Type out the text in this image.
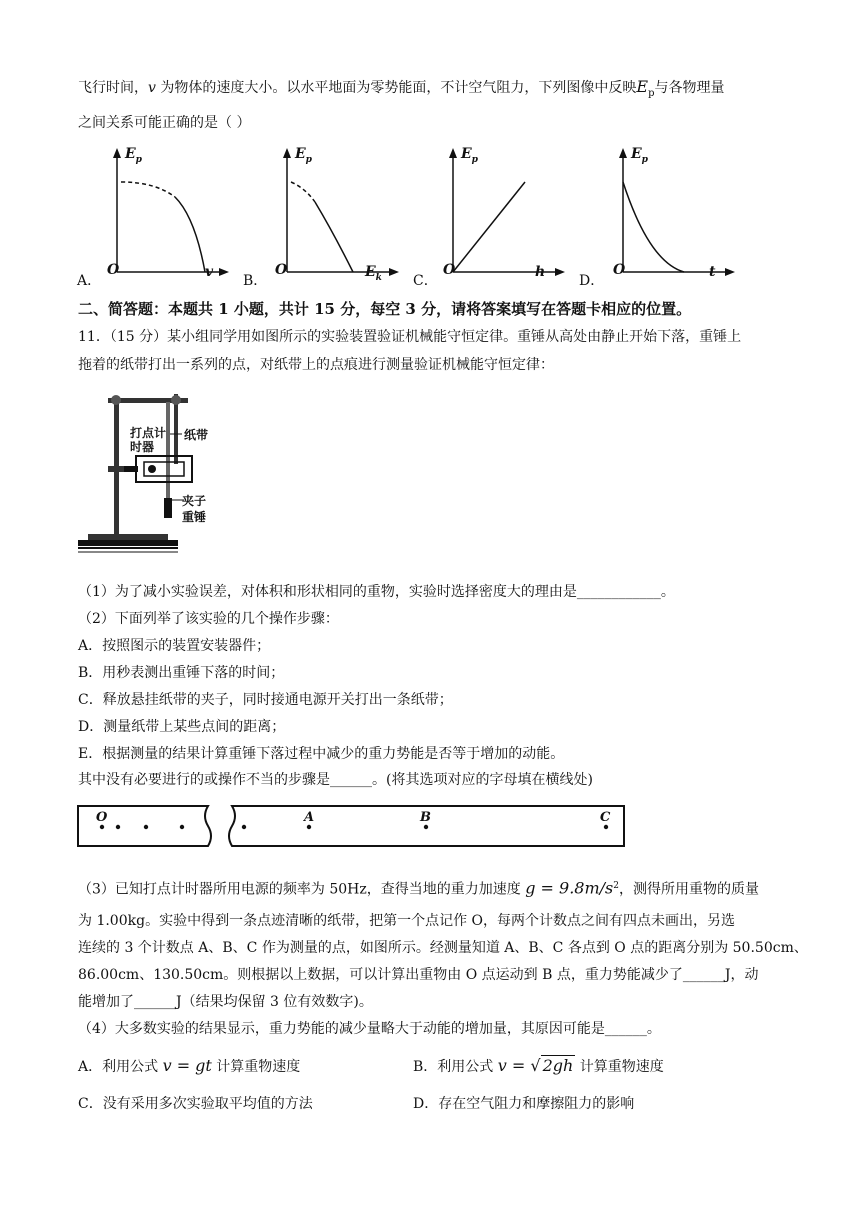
飞行时间，v 为物体的速度大小。以水平地面为零势能面，不计空气阻力，下列图像中反映$E_p$与各物理量
之间关系可能正确的是（ ）
A．
$E_p$
O	v
B．
$E_p$
O	$E_k$ C．
$E_p$
O	h
D．
$E_p$
O	t
二、简答题：本题共 1 小题，共计 15 分，每空 3 分，请将答案填写在答题卡相应的位置。
11．（15 分）某小组同学用如图所示的实验装置验证机械能守恒定律。重锤从高处由静止开始下落，重锤上
拖着的纸带打出一系列的点，对纸带上的点痕进行测量验证机械能守恒定律：
打点计
时器
纸带
夹子
重锤
（1）为了减小实验误差，对体积和形状相同的重物，实验时选择密度大的理由是____________。
（2）下面列举了该实验的几个操作步骤：
A．按照图示的装置安装器件；
B．用秒表测出重锤下落的时间；
C．释放悬挂纸带的夹子，同时接通电源开关打出一条纸带；
D．测量纸带上某些点间的距离；
E．根据测量的结果计算重锤下落过程中减少的重力势能是否等于增加的动能。
其中没有必要进行的或操作不当的步骤是______。(将其选项对应的字母填在横线处)
O	A	B	C
（3）已知打点计时器所用电源的频率为 50Hz，查得当地的重力加速度 $g = 9.8m/s^2$，测得所用重物的质量
为 1.00kg。实验中得到一条点迹清晰的纸带，把第一个点记作 O，每两个计数点之间有四点未画出，另选
连续的 3 个计数点 A、B、C 作为测量的点，如图所示。经测量知道 A、B、C 各点到 O 点的距离分别为 50.50cm、
86.00cm、130.50cm。则根据以上数据，可以计算出重物由 O 点运动到 B 点，重力势能减少了______J，动
能增加了______J（结果均保留 3 位有效数字)。
（4）大多数实验的结果显示，重力势能的减少量略大于动能的增加量，其原因可能是______。
A．利用公式 v = gt 计算重物速度	B．利用公式 v = √ 2gh 计算重物速度
C．没有采用多次实验取平均值的方法	D．存在空气阻力和摩擦阻力的影响
